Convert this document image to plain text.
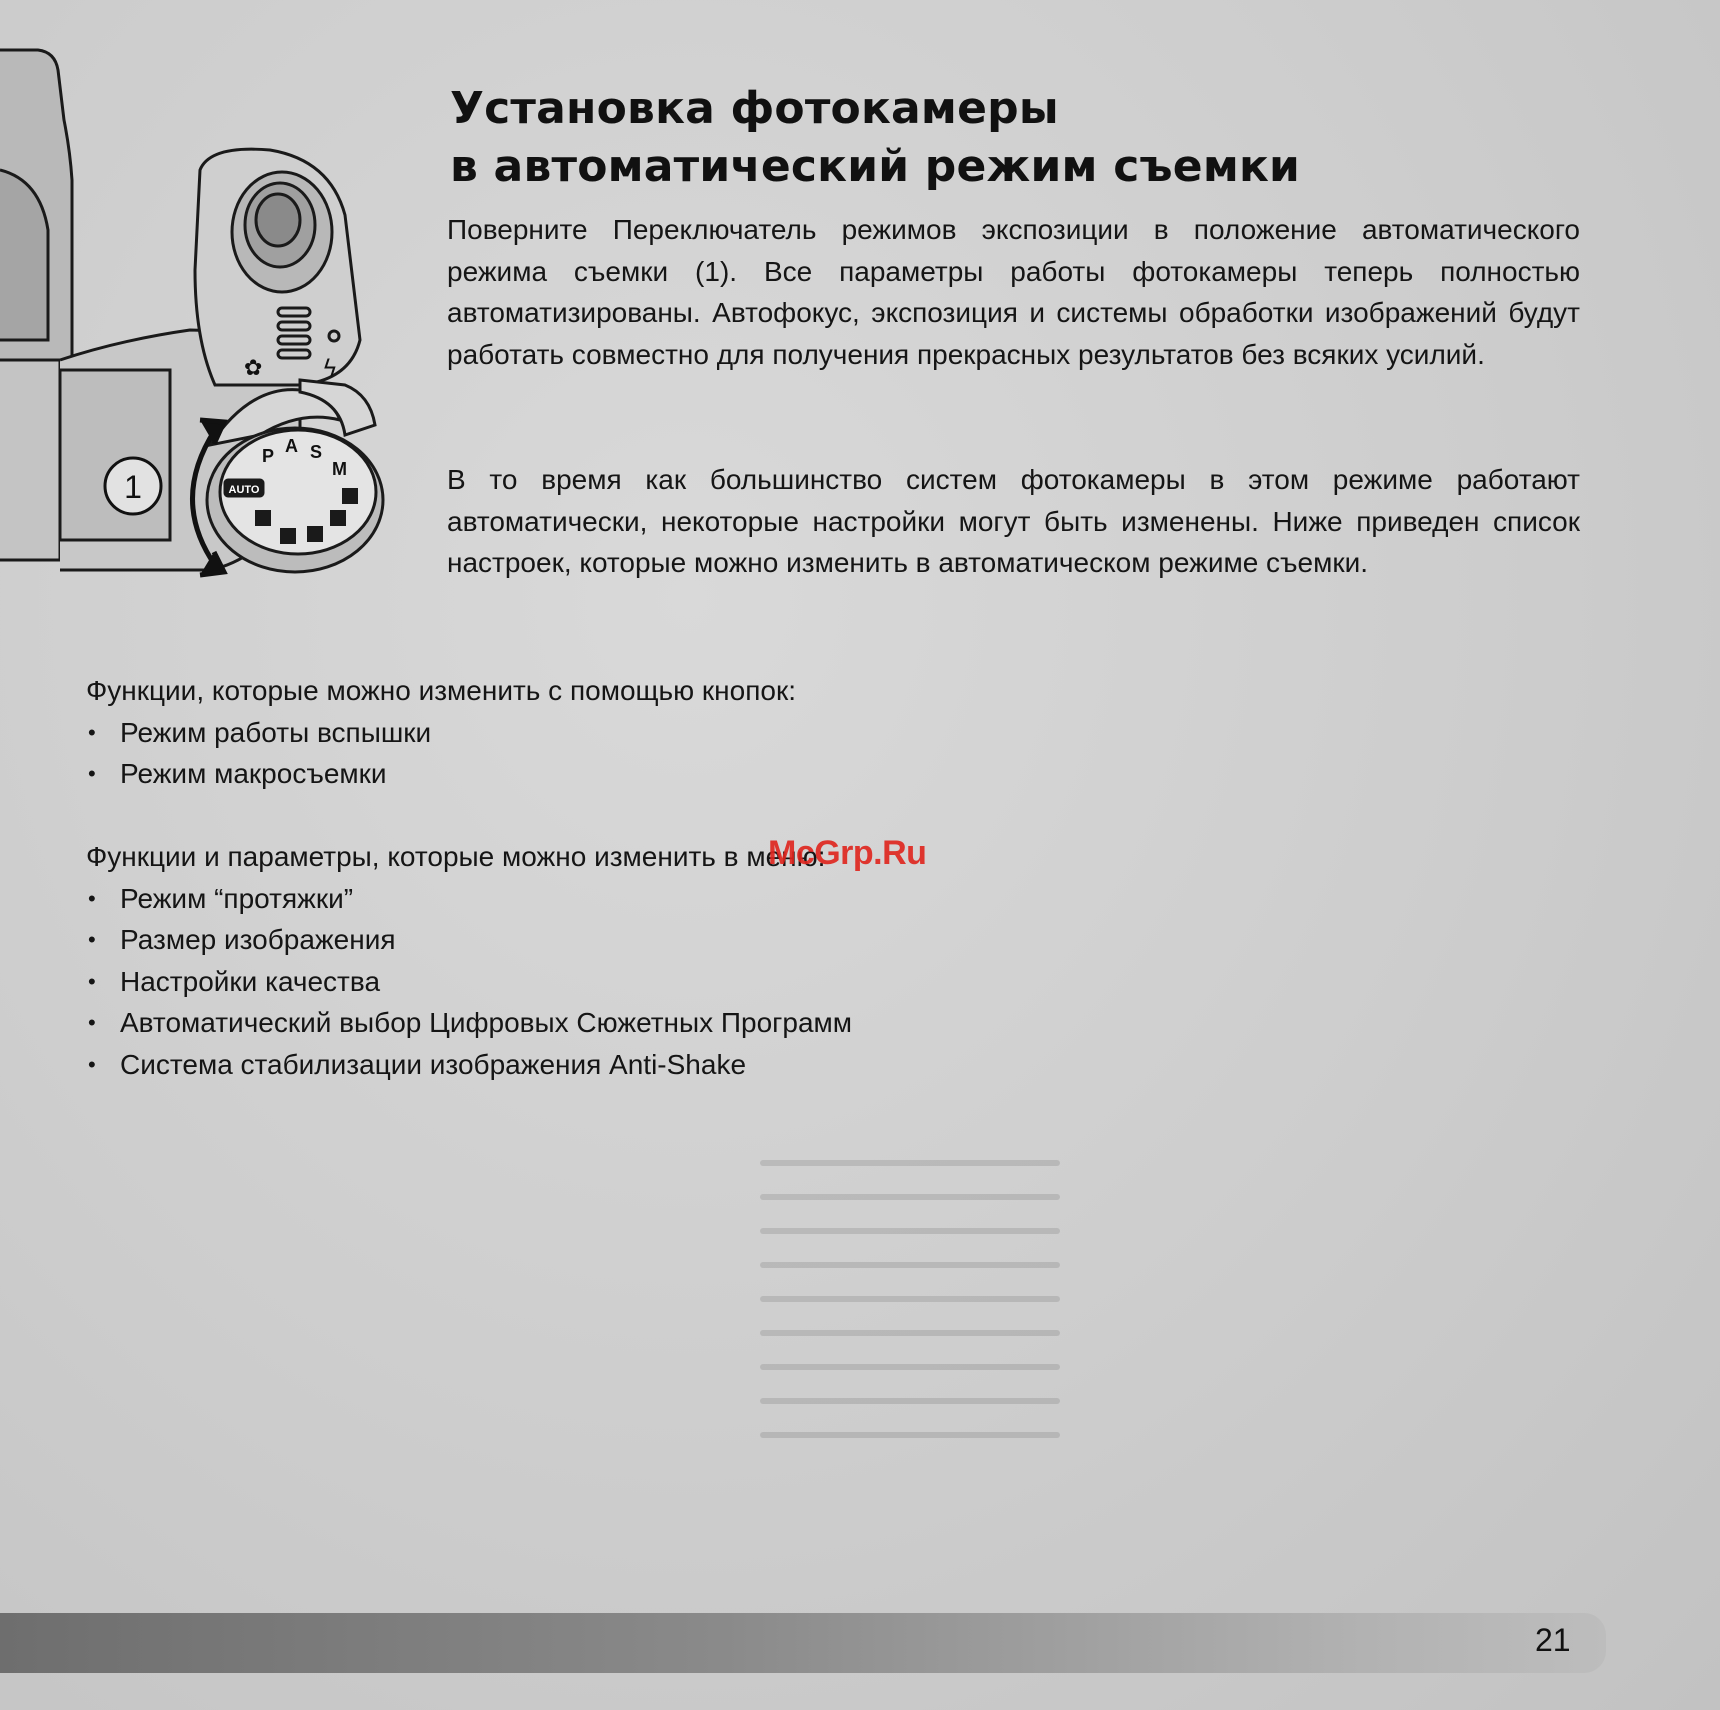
✿ ϟ
1	AUTO
P A S
M
Установка фотокамеры
в автоматический режим съемки

Поверните Переключатель режимов экспозиции в положение автоматического режима съемки (1). Все параметры работы фотокамеры теперь полностью автоматизированы. Автофокус, экспозиция и системы обработки изображений будут работать совместно для получения прекрасных результатов без всяких усилий.

В то время как большинство систем фотокамеры в этом режиме работают автоматически, некоторые настройки могут быть изменены. Ниже приведен список настроек, которые можно изменить в автоматическом режиме съемки.

Функции, которые можно изменить с помощью кнопок:

• Режим работы вспышки
• Режим макросъемки

Функции и параметры, которые можно изменить в меню:

• Режим “протяжки”
• Размер изображения
• Настройки качества
• Автоматический выбор Цифровых Сюжетных Программ
• Система стабилизации изображения Anti-Shake
McGrp.Ru
21
